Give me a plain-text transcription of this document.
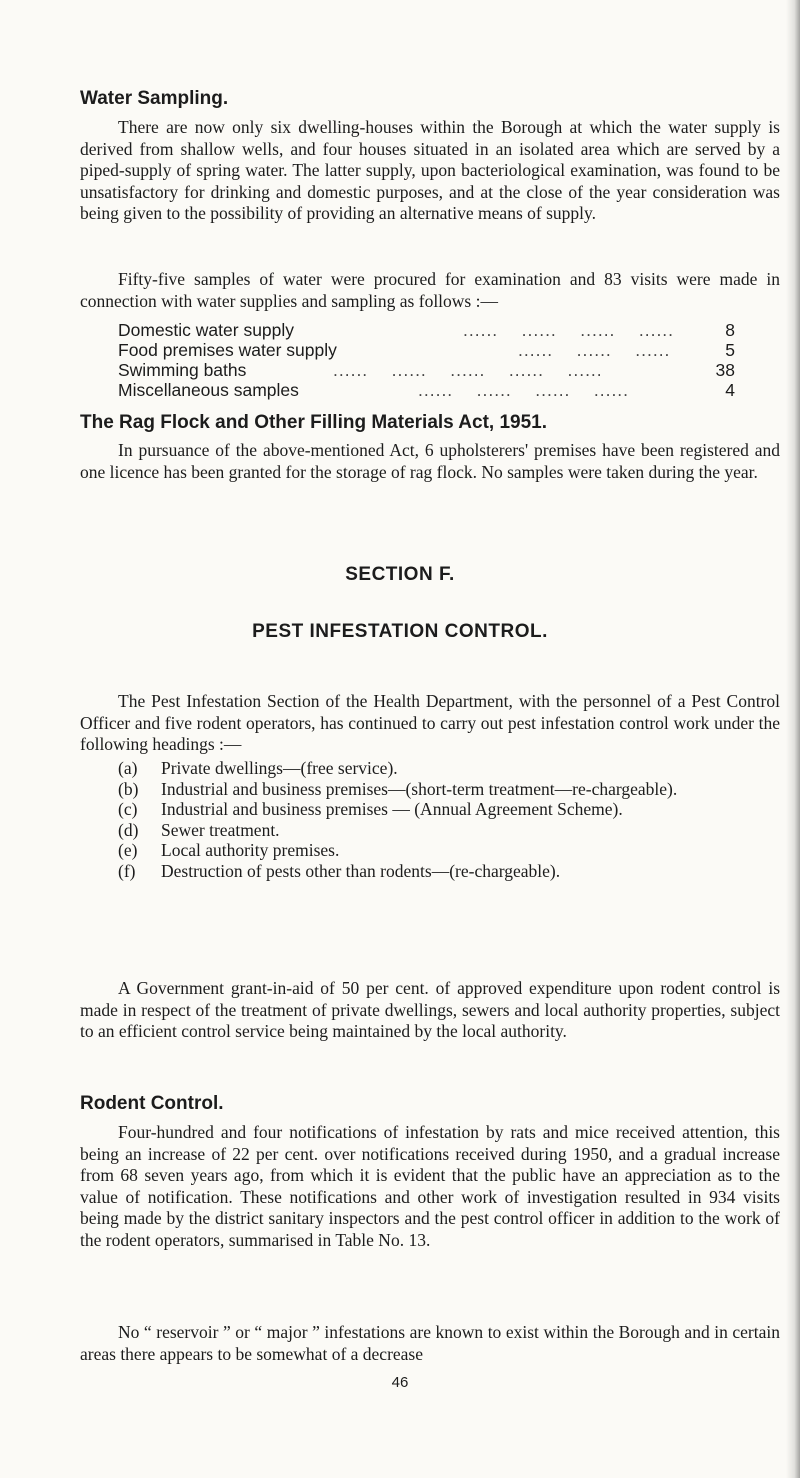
Water Sampling.

There are now only six dwelling-houses within the Borough at which the water supply is derived from shallow wells, and four houses situated in an isolated area which are served by a piped-supply of spring water. The latter supply, upon bacteriological examination, was found to be unsatisfactory for drinking and domestic purposes, and at the close of the year consideration was being given to the possibility of providing an alternative means of supply.

Fifty-five samples of water were procured for examination and 83 visits were made in connection with water supplies and sampling as follows :—

Domestic water supply	......    ......    ......    ......	8
Food premises water supply	......    ......    ......	5
Swimming baths	......    ......    ......    ......    ......	38
Miscellaneous samples	......    ......    ......    ......	4
The Rag Flock and Other Filling Materials Act, 1951.

In pursuance of the above-mentioned Act, 6 upholsterers' premises have been registered and one licence has been granted for the storage of rag flock. No samples were taken during the year.

SECTION F.
PEST INFESTATION CONTROL.

The Pest Infestation Section of the Health Department, with the personnel of a Pest Control Officer and five rodent operators, has continued to carry out pest infestation control work under the following headings :—

(a) Private dwellings—(free service).
(b) Industrial and business premises—(short-term treatment—re-chargeable).
(c) Industrial and business premises — (Annual Agreement Scheme).
(d) Sewer treatment.
(e) Local authority premises.
(f) Destruction of pests other than rodents—(re-chargeable).

A Government grant-in-aid of 50 per cent. of approved expenditure upon rodent control is made in respect of the treatment of private dwellings, sewers and local authority properties, subject to an efficient control service being maintained by the local authority.

Rodent Control.

Four-hundred and four notifications of infestation by rats and mice received attention, this being an increase of 22 per cent. over notifications received during 1950, and a gradual increase from 68 seven years ago, from which it is evident that the public have an appreciation as to the value of notification. These notifications and other work of investigation resulted in 934 visits being made by the district sanitary inspectors and the pest control officer in addition to the work of the rodent operators, summarised in Table No. 13.

No “ reservoir ” or “ major ” infestations are known to exist within the Borough and in certain areas there appears to be somewhat of a decrease

46
